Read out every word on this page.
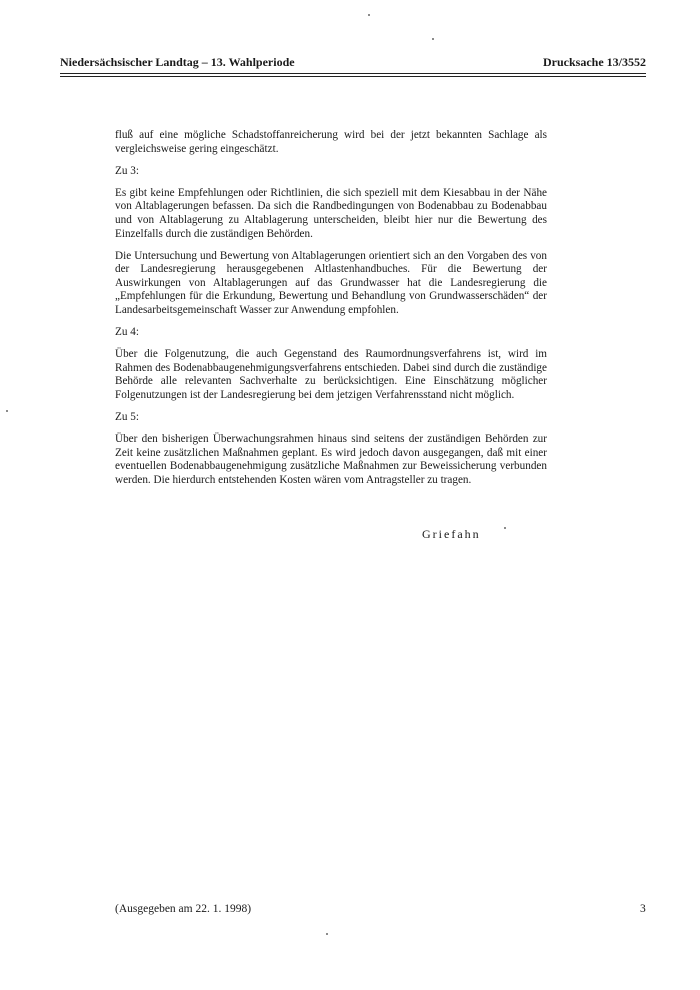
Niedersächsischer Landtag – 13. Wahlperiode	Drucksache 13/3552

fluß auf eine mögliche Schadstoffanreicherung wird bei der jetzt bekannten Sachlage als vergleichsweise gering eingeschätzt.

Zu 3:

Es gibt keine Empfehlungen oder Richtlinien, die sich speziell mit dem Kiesabbau in der Nähe von Altablagerungen befassen. Da sich die Randbedingungen von Bodenabbau zu Bodenabbau und von Altablagerung zu Altablagerung unterscheiden, bleibt hier nur die Bewertung des Einzelfalls durch die zuständigen Behörden.

Die Untersuchung und Bewertung von Altablagerungen orientiert sich an den Vorgaben des von der Landesregierung herausgegebenen Altlastenhandbuches. Für die Bewertung der Auswirkungen von Altablagerungen auf das Grundwasser hat die Landesregierung die „Empfehlungen für die Erkundung, Bewertung und Behandlung von Grundwasserschäden“ der Landesarbeitsgemeinschaft Wasser zur Anwendung empfohlen.

Zu 4:

Über die Folgenutzung, die auch Gegenstand des Raumordnungsverfahrens ist, wird im Rahmen des Bodenabbaugenehmigungsverfahrens entschieden. Dabei sind durch die zuständige Behörde alle relevanten Sachverhalte zu berücksichtigen. Eine Einschätzung möglicher Folgenutzungen ist der Landesregierung bei dem jetzigen Verfahrensstand nicht möglich.

Zu 5:

Über den bisherigen Überwachungsrahmen hinaus sind seitens der zuständigen Behörden zur Zeit keine zusätzlichen Maßnahmen geplant. Es wird jedoch davon ausgegangen, daß mit einer eventuellen Bodenabbaugenehmigung zusätzliche Maßnahmen zur Beweissicherung verbunden werden. Die hierdurch entstehenden Kosten wären vom Antragsteller zu tragen.

Griefahn
(Ausgegeben am 22. 1. 1998)	3
